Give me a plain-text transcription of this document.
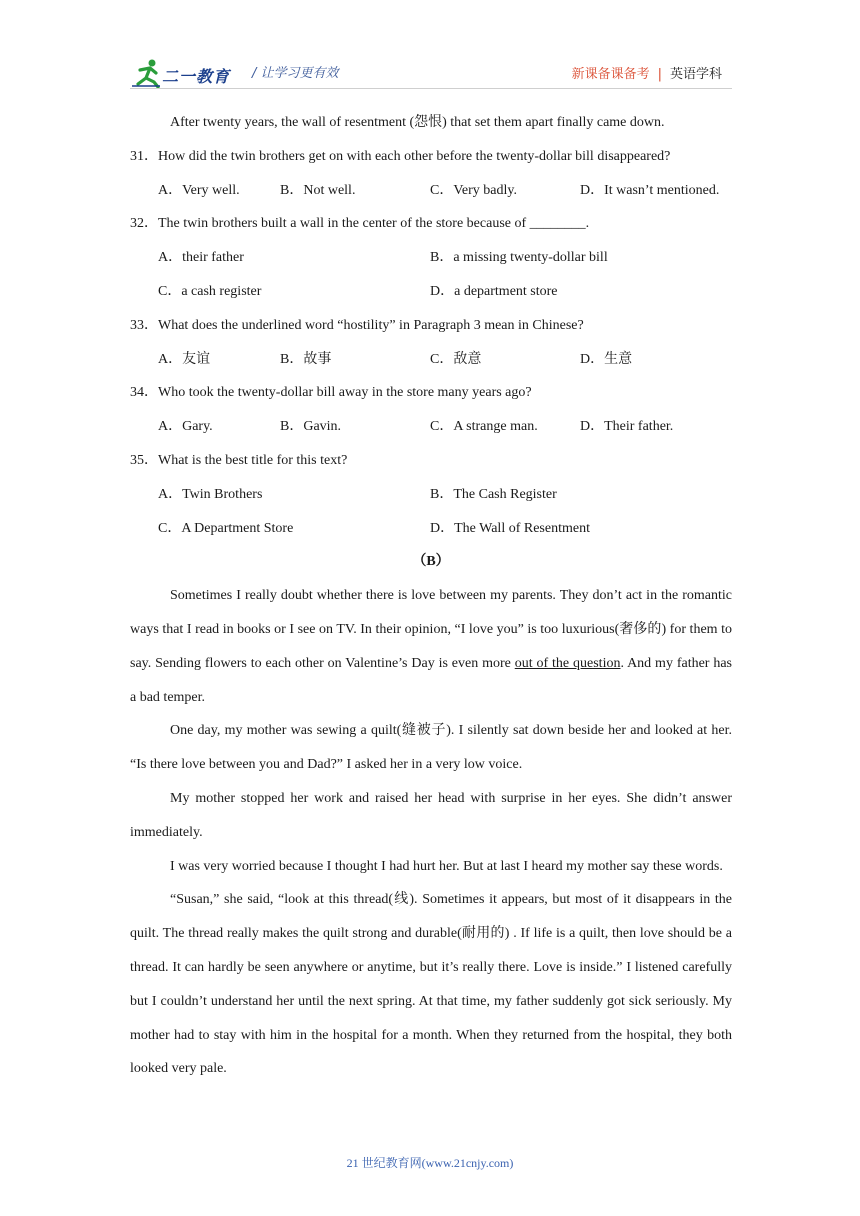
二一教育 / 让学习更有效	新课备课备考 | 英语学科
After twenty years, the wall of resentment (怨恨) that set them apart finally came down.
31．How did the twin brothers get on with each other before the twenty-dollar bill disappeared?
A．Very well.	B．Not well.	C．Very badly.	D．It wasn’t mentioned.
32．The twin brothers built a wall in the center of the store because of ________.
A．their father	B．a missing twenty-dollar bill
C．a cash register	D．a department store
33．What does the underlined word “hostility” in Paragraph 3 mean in Chinese?
A．友谊	B．故事	C．敌意	D．生意
34．Who took the twenty-dollar bill away in the store many years ago?
A．Gary.	B．Gavin.	C．A strange man.	D．Their father.
35．What is the best title for this text?
A．Twin Brothers	B．The Cash Register
C．A Department Store	D．The Wall of Resentment
（B）

Sometimes I really doubt whether there is love between my parents. They don’t act in the romantic ways that I read in books or I see on TV. In their opinion, “I love you” is too luxurious(奢侈的) for them to say. Sending flowers to each other on Valentine’s Day is even more out of the question. And my father has a bad temper.

One day, my mother was sewing a quilt(缝被子). I silently sat down beside her and looked at her. “Is there love between you and Dad?” I asked her in a very low voice.

My mother stopped her work and raised her head with surprise in her eyes. She didn’t answer immediately.

I was very worried because I thought I had hurt her. But at last I heard my mother say these words.

“Susan,” she said, “look at this thread(线). Sometimes it appears, but most of it disappears in the quilt. The thread really makes the quilt strong and durable(耐用的) . If life is a quilt, then love should be a thread. It can hardly be seen anywhere or anytime, but it’s really there. Love is inside.” I listened carefully but I couldn’t understand her until the next spring. At that time, my father suddenly got sick seriously. My mother had to stay with him in the hospital for a month. When they returned from the hospital, they both looked very pale.

21 世纪教育网(www.21cnjy.com)
